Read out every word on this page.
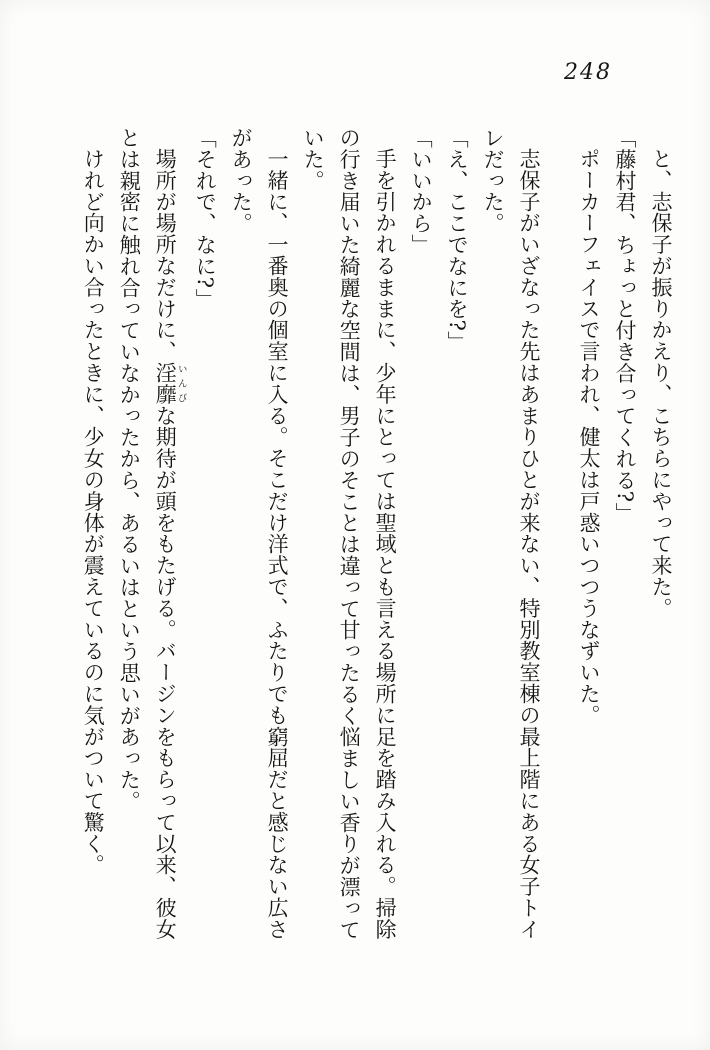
248

と、志保子が振りかえり、こちらにやって来た。

「藤村君、ちょっと付き合ってくれる?」

ポーカーフェイスで言われ、健太は戸惑いつつうなずいた。

志保子がいざなった先はあまりひとが来ない、特別教室棟の最上階にある女子トイレだった。

「え、ここでなにを?」

「いいから」

手を引かれるままに、少年にとっては聖域とも言える場所に足を踏み入れる。掃除の行き届いた綺麗な空間は、男子のそことは違って甘ったるく悩ましい香りが漂っていた。

一緒に、一番奥の個室に入る。そこだけ洋式で、ふたりでも窮屈だと感じない広さがあった。

「それで、なに?」

場所が場所なだけに、淫靡いんびな期待が頭をもたげる。バージンをもらって以来、彼女とは親密に触れ合っていなかったから、あるいはという思いがあった。

けれど向かい合ったときに、少女の身体が震えているのに気がついて驚く。
